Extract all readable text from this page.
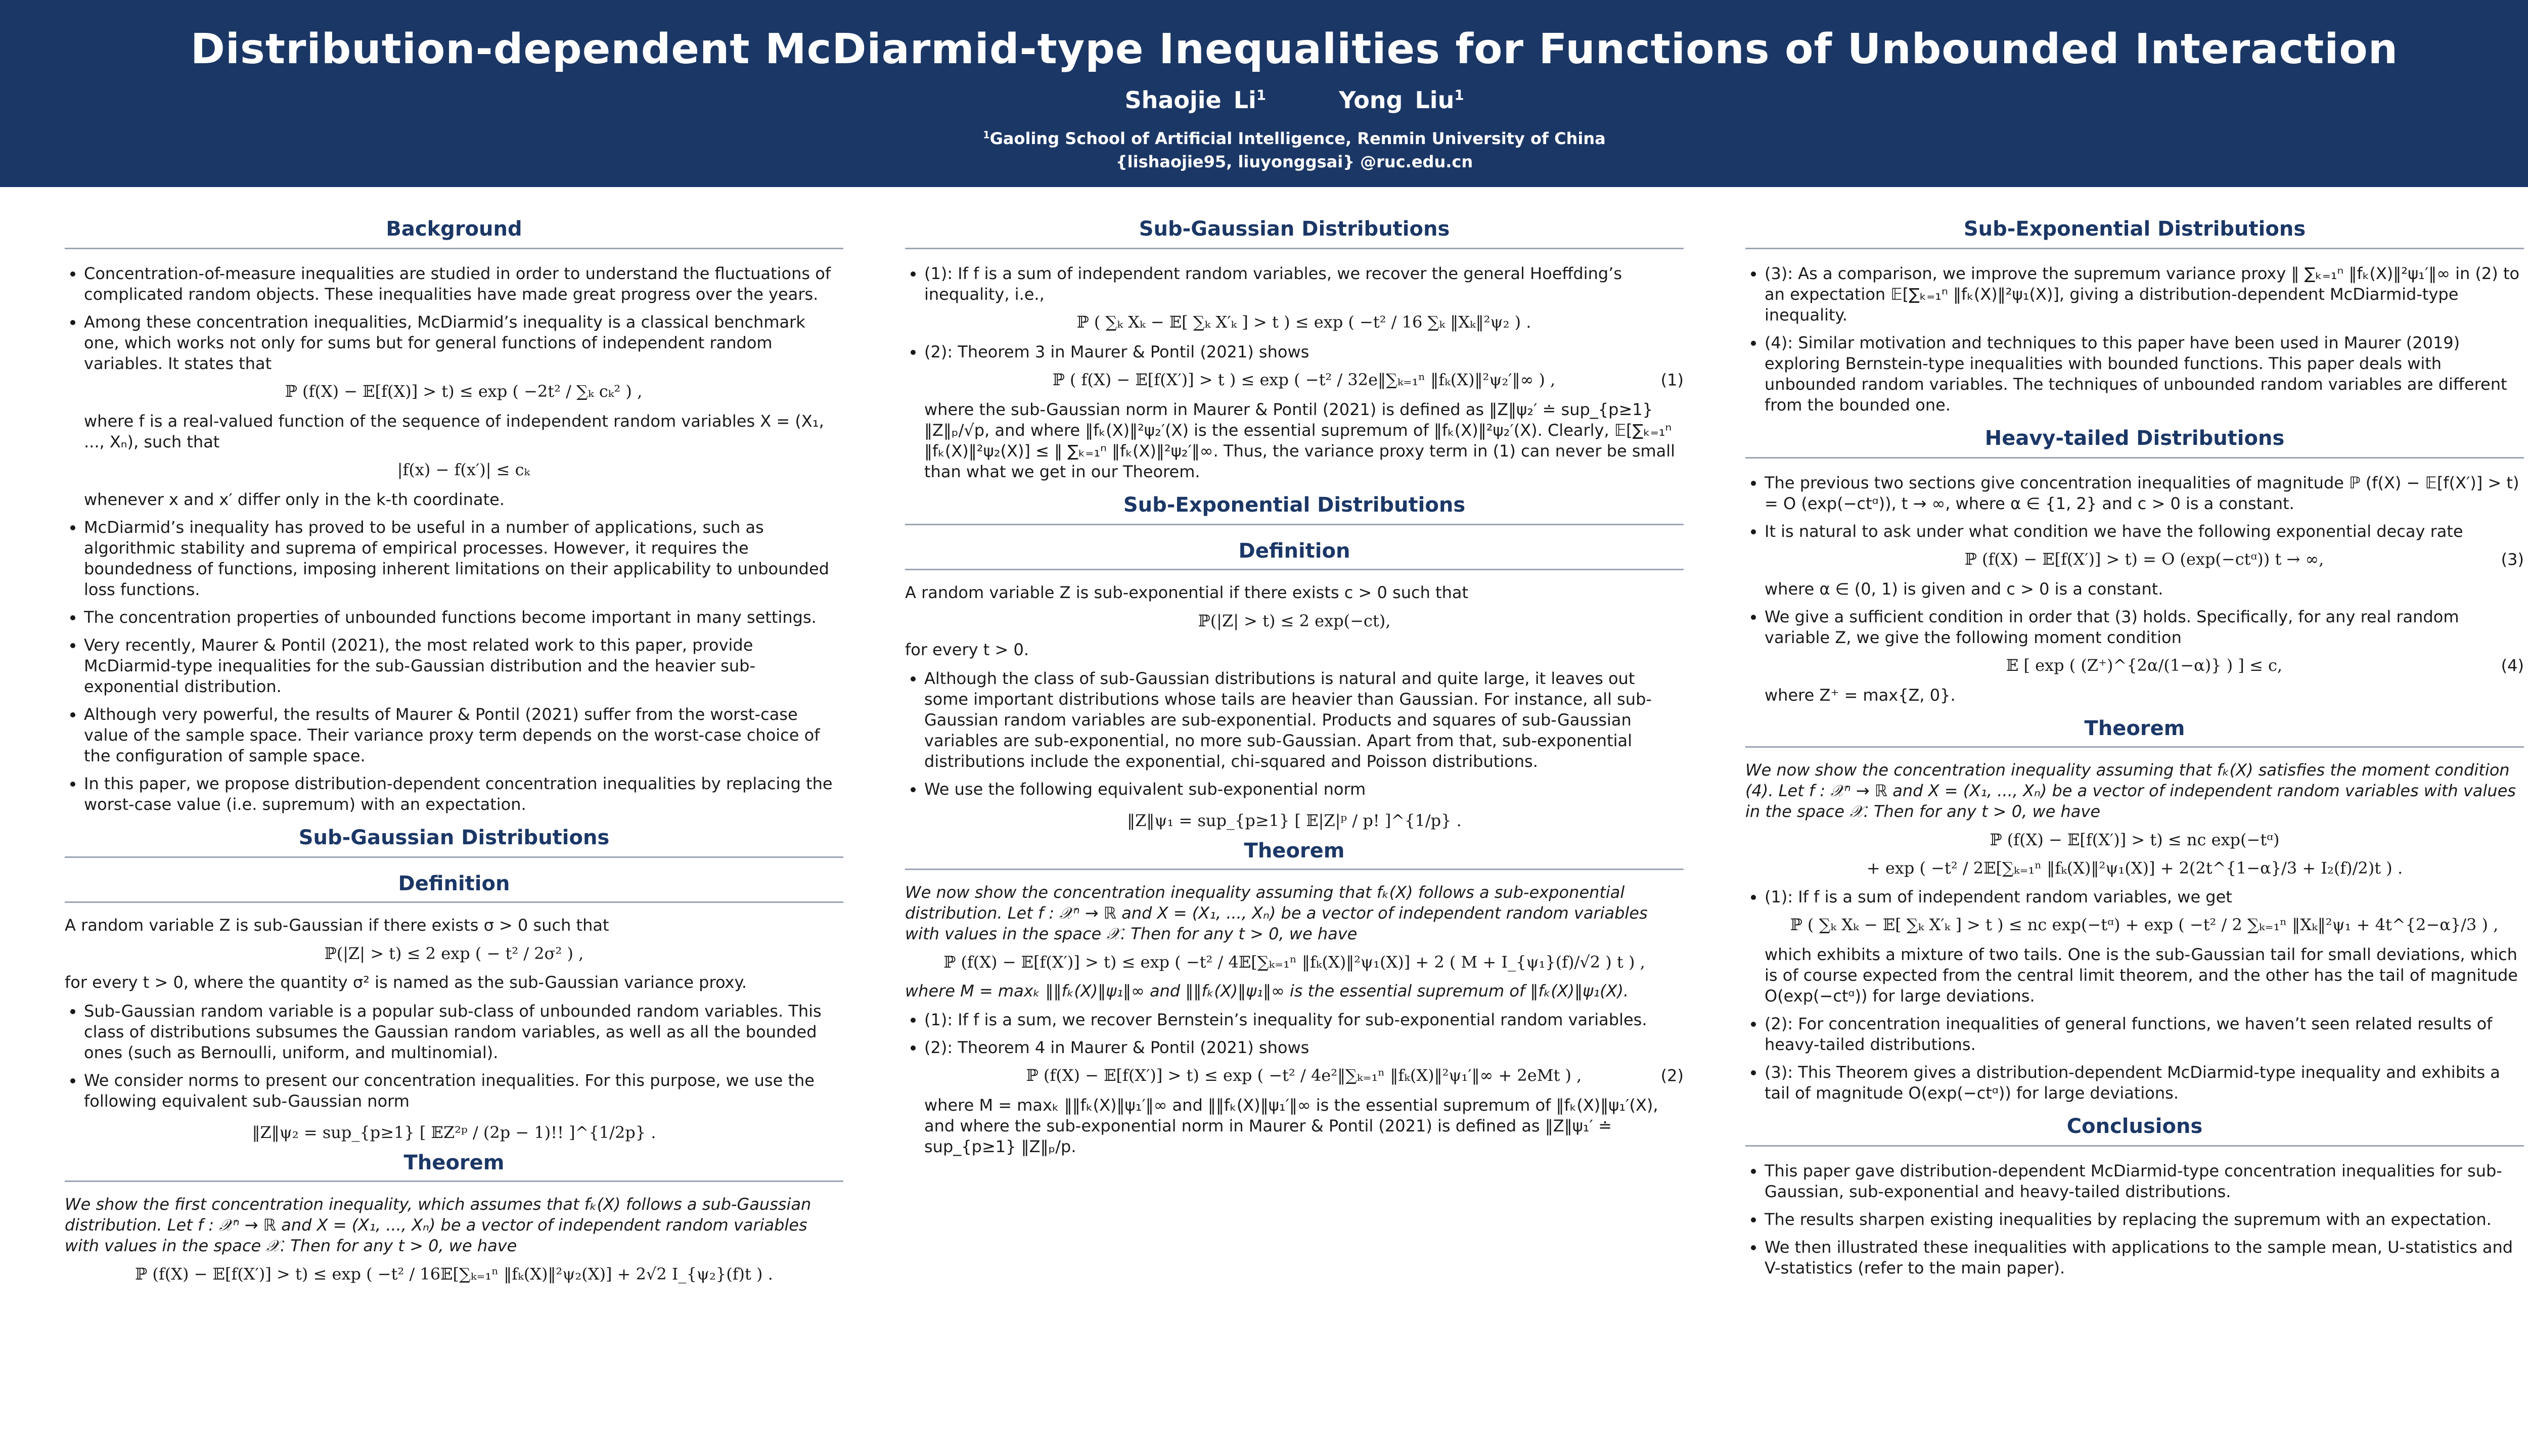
Distribution-dependent McDiarmid-type Inequalities for Functions of Unbounded Interaction
Shaojie Li$^1$	Yong Liu$^1$
$^1$Gaoling School of Artificial Intelligence, Renmin University of China
{lishaojie95, liuyonggsai} @ruc.edu.cn
Background
• Concentration-of-measure inequalities are studied in order to understand the fluctuations of complicated random objects. These inequalities have made great progress over the years.
• Among these concentration inequalities, McDiarmid’s inequality is a classical benchmark one, which works not only for sums but for general functions of independent random variables. It states that
ℙ (f(X) − 𝔼[f(X)] > t) ≤ exp ( −2t² / ∑ₖ cₖ² ) ,
where f is a real-valued function of the sequence of independent random variables X = (X₁, ..., Xₙ), such that
|f(x) − f(x′)| ≤ cₖ
whenever x and x′ differ only in the k-th coordinate.
• McDiarmid’s inequality has proved to be useful in a number of applications, such as algorithmic stability and suprema of empirical processes. However, it requires the boundedness of functions, imposing inherent limitations on their applicability to unbounded loss functions.
• The concentration properties of unbounded functions become important in many settings.
• Very recently, Maurer & Pontil (2021), the most related work to this paper, provide McDiarmid-type inequalities for the sub-Gaussian distribution and the heavier sub-exponential distribution.
• Although very powerful, the results of Maurer & Pontil (2021) suffer from the worst-case value of the sample space. Their variance proxy term depends on the worst-case choice of the configuration of sample space.
• In this paper, we propose distribution-dependent concentration inequalities by replacing the worst-case value (i.e. supremum) with an expectation.
Sub-Gaussian Distributions
Definition

A random variable Z is sub-Gaussian if there exists σ > 0 such that

ℙ(|Z| > t) ≤ 2 exp ( − t² / 2σ² ) ,

for every t > 0, where the quantity σ² is named as the sub-Gaussian variance proxy.

• Sub-Gaussian random variable is a popular sub-class of unbounded random variables. This class of distributions subsumes the Gaussian random variables, as well as all the bounded ones (such as Bernoulli, uniform, and multinomial).
• We consider norms to present our concentration inequalities. For this purpose, we use the following equivalent sub-Gaussian norm
‖Z‖ψ₂ = sup_{p≥1} [ 𝔼Z²ᵖ / (2p − 1)!! ]^{1/2p} .
Theorem

We show the first concentration inequality, which assumes that fₖ(X) follows a sub-Gaussian distribution. Let f : 𝒳ⁿ → ℝ and X = (X₁, ..., Xₙ) be a vector of independent random variables with values in the space 𝒳. Then for any t > 0, we have

ℙ (f(X) − 𝔼[f(X′)] > t) ≤ exp ( −t² / 16𝔼[∑ₖ₌₁ⁿ ‖fₖ(X)‖²ψ₂(X)] + 2√2 I_{ψ₂}(f)t ) .
Sub-Gaussian Distributions
• (1): If f is a sum of independent random variables, we recover the general Hoeffding’s inequality, i.e.,
ℙ ( ∑ₖ Xₖ − 𝔼[ ∑ₖ X′ₖ ] > t ) ≤ exp ( −t² / 16 ∑ₖ ‖Xₖ‖²ψ₂ ) .
• (2): Theorem 3 in Maurer & Pontil (2021) shows
ℙ ( f(X) − 𝔼[f(X′)] > t ) ≤ exp ( −t² / 32e‖∑ₖ₌₁ⁿ ‖fₖ(X)‖²ψ₂′‖∞ ) ,	(1)
where the sub-Gaussian norm in Maurer & Pontil (2021) is defined as ‖Z‖ψ₂′ ≐ sup_{p≥1} ‖Z‖ₚ/√p, and where ‖fₖ(X)‖²ψ₂′(X) is the essential supremum of ‖fₖ(X)‖²ψ₂′(X). Clearly, 𝔼[∑ₖ₌₁ⁿ ‖fₖ(X)‖²ψ₂(X)] ≤ ‖ ∑ₖ₌₁ⁿ ‖fₖ(X)‖²ψ₂′‖∞. Thus, the variance proxy term in (1) can never be small than what we get in our Theorem.
Sub-Exponential Distributions
Definition

A random variable Z is sub-exponential if there exists c > 0 such that

ℙ(|Z| > t) ≤ 2 exp(−ct),

for every t > 0.

• Although the class of sub-Gaussian distributions is natural and quite large, it leaves out some important distributions whose tails are heavier than Gaussian. For instance, all sub-Gaussian random variables are sub-exponential. Products and squares of sub-Gaussian variables are sub-exponential, no more sub-Gaussian. Apart from that, sub-exponential distributions include the exponential, chi-squared and Poisson distributions.
• We use the following equivalent sub-exponential norm
‖Z‖ψ₁ = sup_{p≥1} [ 𝔼|Z|ᵖ / p! ]^{1/p} .
Theorem

We now show the concentration inequality assuming that fₖ(X) follows a sub-exponential distribution. Let f : 𝒳ⁿ → ℝ and X = (X₁, ..., Xₙ) be a vector of independent random variables with values in the space 𝒳. Then for any t > 0, we have

ℙ (f(X) − 𝔼[f(X′)] > t) ≤ exp ( −t² / 4𝔼[∑ₖ₌₁ⁿ ‖fₖ(X)‖²ψ₁(X)] + 2 ( M + I_{ψ₁}(f)/√2 ) t ) ,

where M = maxₖ ‖‖fₖ(X)‖ψ₁‖∞ and ‖‖fₖ(X)‖ψ₁‖∞ is the essential supremum of ‖fₖ(X)‖ψ₁(X).

• (1): If f is a sum, we recover Bernstein’s inequality for sub-exponential random variables.
• (2): Theorem 4 in Maurer & Pontil (2021) shows
ℙ (f(X) − 𝔼[f(X′)] > t) ≤ exp ( −t² / 4e²‖∑ₖ₌₁ⁿ ‖fₖ(X)‖²ψ₁′‖∞ + 2eMt ) ,	(2)
where M = maxₖ ‖‖fₖ(X)‖ψ₁′‖∞ and ‖‖fₖ(X)‖ψ₁′‖∞ is the essential supremum of ‖fₖ(X)‖ψ₁′(X), and where the sub-exponential norm in Maurer & Pontil (2021) is defined as ‖Z‖ψ₁′ ≐ sup_{p≥1} ‖Z‖ₚ/p.
Sub-Exponential Distributions
• (3): As a comparison, we improve the supremum variance proxy ‖ ∑ₖ₌₁ⁿ ‖fₖ(X)‖²ψ₁′‖∞ in (2) to an expectation 𝔼[∑ₖ₌₁ⁿ ‖fₖ(X)‖²ψ₁(X)], giving a distribution-dependent McDiarmid-type inequality.
• (4): Similar motivation and techniques to this paper have been used in Maurer (2019) exploring Bernstein-type inequalities with bounded functions. This paper deals with unbounded random variables. The techniques of unbounded random variables are different from the bounded one.
Heavy-tailed Distributions
• The previous two sections give concentration inequalities of magnitude ℙ (f(X) − 𝔼[f(X′)] > t) = O (exp(−ctᵅ)), t → ∞, where α ∈ {1, 2} and c > 0 is a constant.
• It is natural to ask under what condition we have the following exponential decay rate
ℙ (f(X) − 𝔼[f(X′)] > t) = O (exp(−ctᵅ)) t → ∞,	(3)
where α ∈ (0, 1) is given and c > 0 is a constant.
• We give a sufficient condition in order that (3) holds. Specifically, for any real random variable Z, we give the following moment condition
𝔼 [ exp ( (Z⁺)^{2α/(1−α)} ) ] ≤ c,	(4)
where Z⁺ = max{Z, 0}.
Theorem

We now show the concentration inequality assuming that fₖ(X) satisfies the moment condition (4). Let f : 𝒳ⁿ → ℝ and X = (X₁, ..., Xₙ) be a vector of independent random variables with values in the space 𝒳. Then for any t > 0, we have

ℙ (f(X) − 𝔼[f(X′)] > t) ≤ nc exp(−tᵅ)
+ exp ( −t² / 2𝔼[∑ₖ₌₁ⁿ ‖fₖ(X)‖²ψ₁(X)] + 2(2t^{1−α}/3 + I₂(f)/2)t ) .
• (1): If f is a sum of independent random variables, we get
ℙ ( ∑ₖ Xₖ − 𝔼[ ∑ₖ X′ₖ ] > t ) ≤ nc exp(−tᵅ) + exp ( −t² / 2 ∑ₖ₌₁ⁿ ‖Xₖ‖²ψ₁ + 4t^{2−α}/3 ) ,
which exhibits a mixture of two tails. One is the sub-Gaussian tail for small deviations, which is of course expected from the central limit theorem, and the other has the tail of magnitude O(exp(−ctᵅ)) for large deviations.
• (2): For concentration inequalities of general functions, we haven’t seen related results of heavy-tailed distributions.
• (3): This Theorem gives a distribution-dependent McDiarmid-type inequality and exhibits a tail of magnitude O(exp(−ctᵅ)) for large deviations.
Conclusions
• This paper gave distribution-dependent McDiarmid-type concentration inequalities for sub-Gaussian, sub-exponential and heavy-tailed distributions.
• The results sharpen existing inequalities by replacing the supremum with an expectation.
• We then illustrated these inequalities with applications to the sample mean, U-statistics and V-statistics (refer to the main paper).
